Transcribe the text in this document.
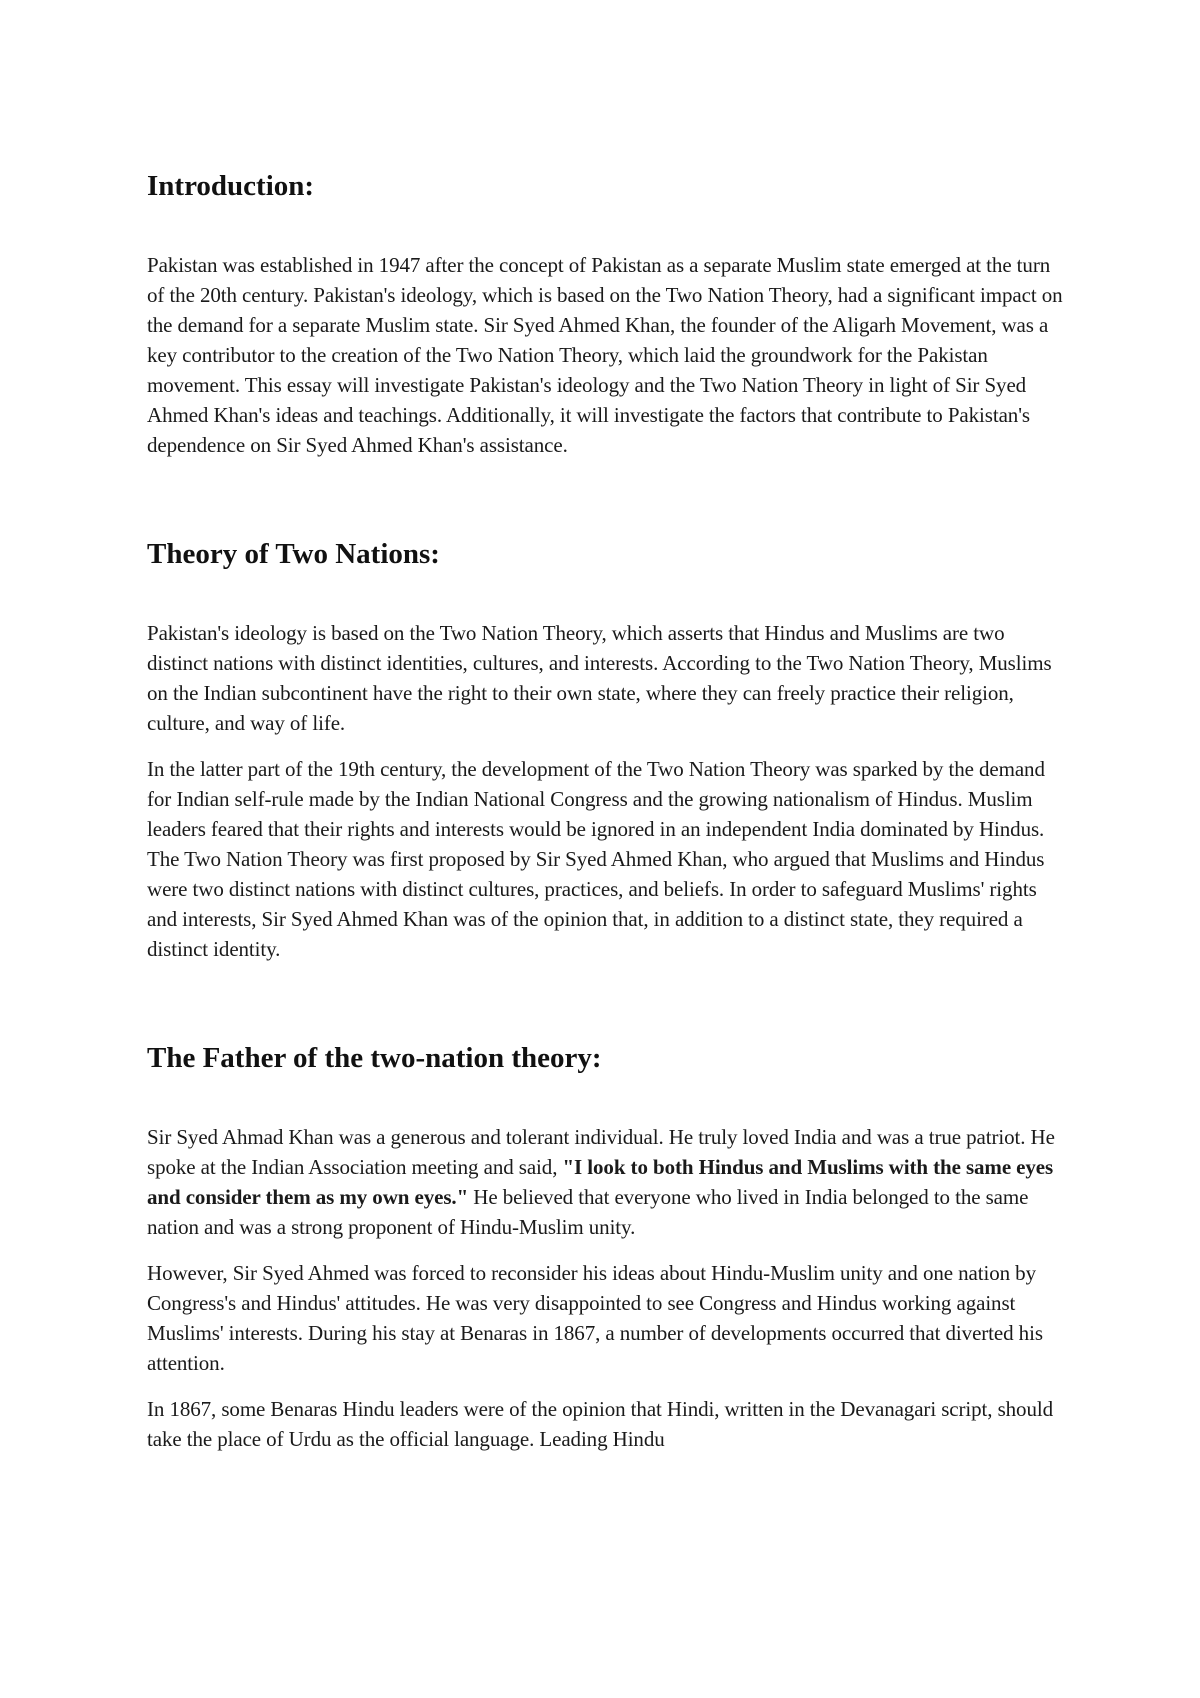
Introduction:

Pakistan was established in 1947 after the concept of Pakistan as a separate Muslim state emerged at the turn of the 20th century. Pakistan's ideology, which is based on the Two Nation Theory, had a significant impact on the demand for a separate Muslim state. Sir Syed Ahmed Khan, the founder of the Aligarh Movement, was a key contributor to the creation of the Two Nation Theory, which laid the groundwork for the Pakistan movement. This essay will investigate Pakistan's ideology and the Two Nation Theory in light of Sir Syed Ahmed Khan's ideas and teachings. Additionally, it will investigate the factors that contribute to Pakistan's dependence on Sir Syed Ahmed Khan's assistance.

Theory of Two Nations:

Pakistan's ideology is based on the Two Nation Theory, which asserts that Hindus and Muslims are two distinct nations with distinct identities, cultures, and interests. According to the Two Nation Theory, Muslims on the Indian subcontinent have the right to their own state, where they can freely practice their religion, culture, and way of life.

In the latter part of the 19th century, the development of the Two Nation Theory was sparked by the demand for Indian self-rule made by the Indian National Congress and the growing nationalism of Hindus. Muslim leaders feared that their rights and interests would be ignored in an independent India dominated by Hindus. The Two Nation Theory was first proposed by Sir Syed Ahmed Khan, who argued that Muslims and Hindus were two distinct nations with distinct cultures, practices, and beliefs. In order to safeguard Muslims' rights and interests, Sir Syed Ahmed Khan was of the opinion that, in addition to a distinct state, they required a distinct identity.

The Father of the two-nation theory:

Sir Syed Ahmad Khan was a generous and tolerant individual. He truly loved India and was a true patriot. He spoke at the Indian Association meeting and said, "I look to both Hindus and Muslims with the same eyes and consider them as my own eyes." He believed that everyone who lived in India belonged to the same nation and was a strong proponent of Hindu-Muslim unity.

However, Sir Syed Ahmed was forced to reconsider his ideas about Hindu-Muslim unity and one nation by Congress's and Hindus' attitudes. He was very disappointed to see Congress and Hindus working against Muslims' interests. During his stay at Benaras in 1867, a number of developments occurred that diverted his attention.

In 1867, some Benaras Hindu leaders were of the opinion that Hindi, written in the Devanagari script, should take the place of Urdu as the official language. Leading Hindu
